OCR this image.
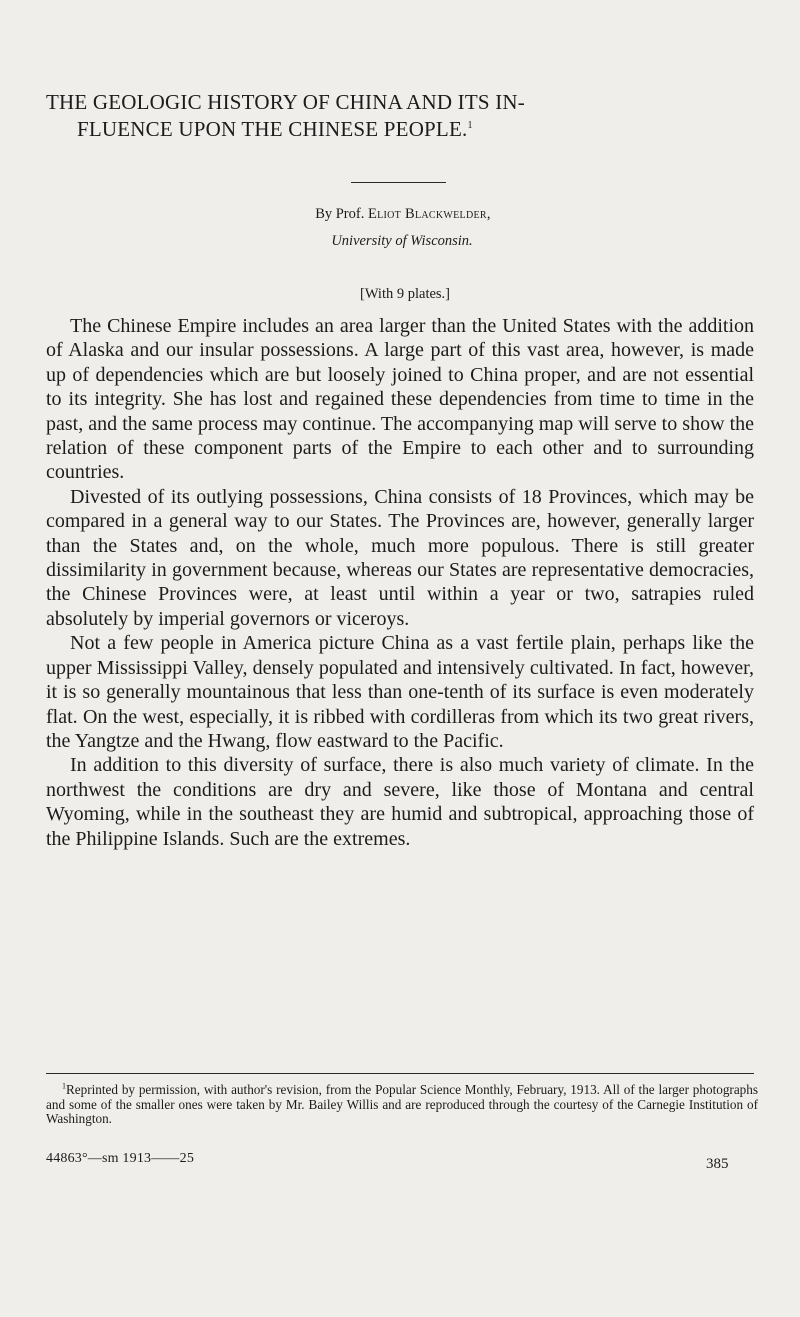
THE GEOLOGIC HISTORY OF CHINA AND ITS IN-
FLUENCE UPON THE CHINESE PEOPLE.$^1$
By Prof. Eliot Blackwelder,
University of Wisconsin.
[With 9 plates.]

The Chinese Empire includes an area larger than the United States with the addition of Alaska and our insular possessions. A large part of this vast area, however, is made up of dependencies which are but loosely joined to China proper, and are not essential to its integrity. She has lost and regained these dependencies from time to time in the past, and the same process may continue. The accompanying map will serve to show the relation of these component parts of the Empire to each other and to surrounding countries.

Divested of its outlying possessions, China consists of 18 Provinces, which may be compared in a general way to our States. The Provinces are, however, generally larger than the States and, on the whole, much more populous. There is still greater dissimilarity in government because, whereas our States are representative democracies, the Chinese Provinces were, at least until within a year or two, satrapies ruled absolutely by imperial governors or viceroys.

Not a few people in America picture China as a vast fertile plain, perhaps like the upper Mississippi Valley, densely populated and intensively cultivated. In fact, however, it is so generally mountainous that less than one-tenth of its surface is even moderately flat. On the west, especially, it is ribbed with cordilleras from which its two great rivers, the Yangtze and the Hwang, flow eastward to the Pacific.

In addition to this diversity of surface, there is also much variety of climate. In the northwest the conditions are dry and severe, like those of Montana and central Wyoming, while in the southeast they are humid and subtropical, approaching those of the Philippine Islands. Such are the extremes.

$^1$Reprinted by permission, with author's revision, from the Popular Science Monthly, February, 1913. All of the larger photographs and some of the smaller ones were taken by Mr. Bailey Willis and are reproduced through the courtesy of the Carnegie Institution of Washington.
44863°—sm 1913——25	385
